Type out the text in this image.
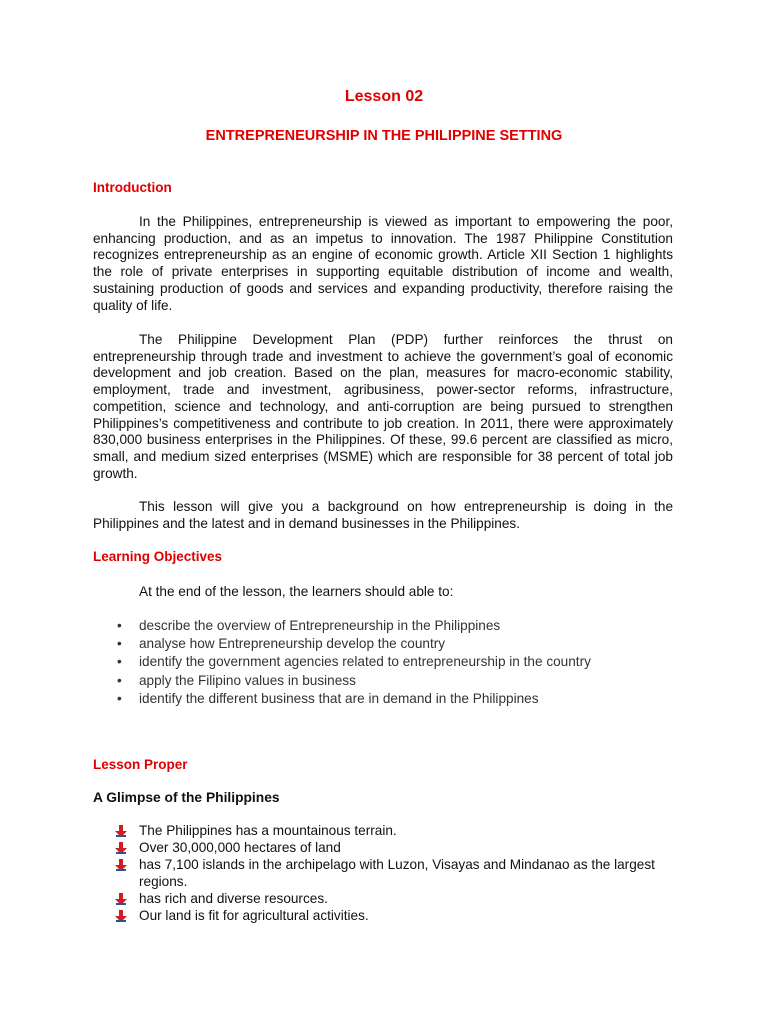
Lesson 02
ENTREPRENEURSHIP IN THE PHILIPPINE SETTING
Introduction

In the Philippines, entrepreneurship is viewed as important to empowering the poor, enhancing production, and as an impetus to innovation. The 1987 Philippine Constitution recognizes entrepreneurship as an engine of economic growth. Article XII Section 1 highlights the role of private enterprises in supporting equitable distribution of income and wealth, sustaining production of goods and services and expanding productivity, therefore raising the quality of life.

The Philippine Development Plan (PDP) further reinforces the thrust on entrepreneurship through trade and investment to achieve the government’s goal of economic development and job creation. Based on the plan, measures for macro-economic stability, employment, trade and investment, agribusiness, power-sector reforms, infrastructure, competition, science and technology, and anti-corruption are being pursued to strengthen Philippines’s competitiveness and contribute to job creation. In 2011, there were approximately 830,000 business enterprises in the Philippines. Of these, 99.6 percent are classified as micro, small, and medium sized enterprises (MSME) which are responsible for 38 percent of total job growth.

This lesson will give you a background on how entrepreneurship is doing in the Philippines and the latest and in demand businesses in the Philippines.

Learning Objectives

At the end of the lesson, the learners should able to:

• describe the overview of Entrepreneurship in the Philippines
• analyse how Entrepreneurship develop the country
• identify the government agencies related to entrepreneurship in the country
• apply the Filipino values in business
• identify the different business that are in demand in the Philippines
Lesson Proper
A Glimpse of the Philippines
The Philippines has a mountainous terrain.
Over 30,000,000 hectares of land
has 7,100 islands in the archipelago with Luzon, Visayas and Mindanao as the largest regions.
has rich and diverse resources.
Our land is fit for agricultural activities.
